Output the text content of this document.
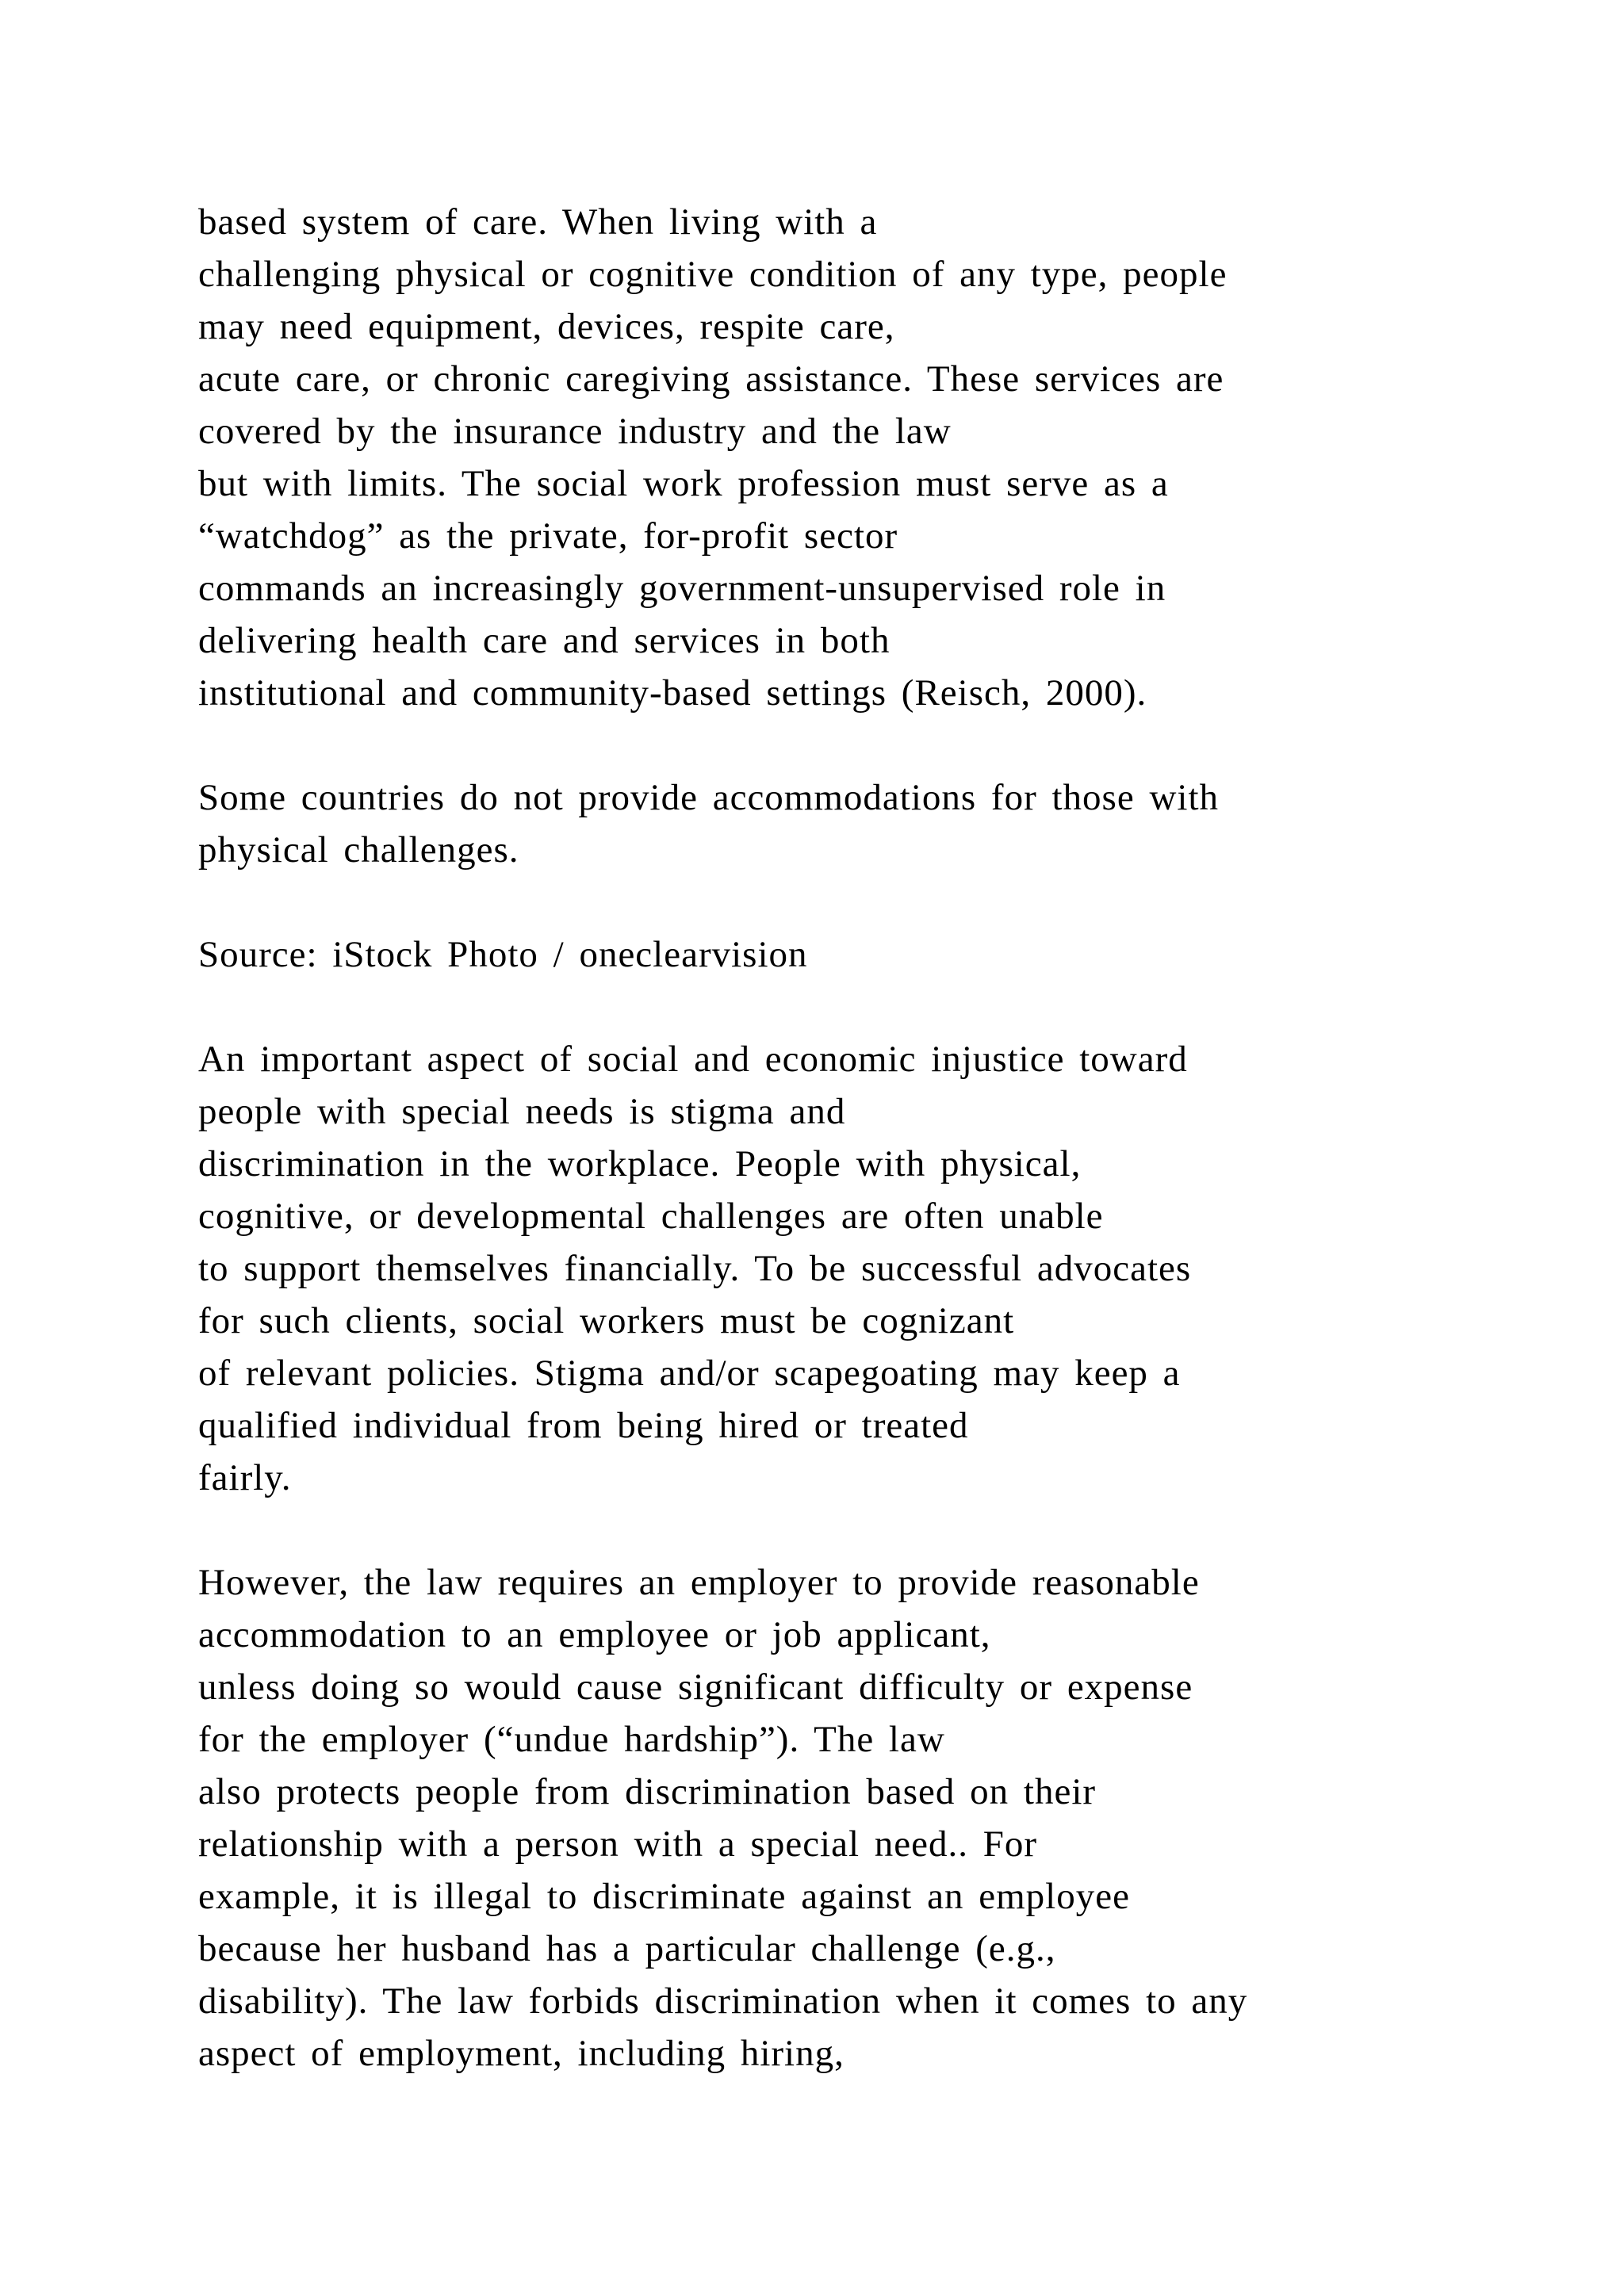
based system of care. When living with a
challenging physical or cognitive condition of any type, people
may need equipment, devices, respite care,
acute care, or chronic caregiving assistance. These services are
covered by the insurance industry and the law
but with limits. The social work profession must serve as a
“watchdog” as the private, for-profit sector
commands an increasingly government-unsupervised role in
delivering health care and services in both
institutional and community-based settings (Reisch, 2000).
Some countries do not provide accommodations for those with
physical challenges.
Source: iStock Photo / oneclearvision
An important aspect of social and economic injustice toward
people with special needs is stigma and
discrimination in the workplace. People with physical,
cognitive, or developmental challenges are often unable
to support themselves financially. To be successful advocates
for such clients, social workers must be cognizant
of relevant policies. Stigma and/or scapegoating may keep a
qualified individual from being hired or treated
fairly.
However, the law requires an employer to provide reasonable
accommodation to an employee or job applicant,
unless doing so would cause significant difficulty or expense
for the employer (“undue hardship”). The law
also protects people from discrimination based on their
relationship with a person with a special need.. For
example, it is illegal to discriminate against an employee
because her husband has a particular challenge (e.g.,
disability). The law forbids discrimination when it comes to any
aspect of employment, including hiring,
